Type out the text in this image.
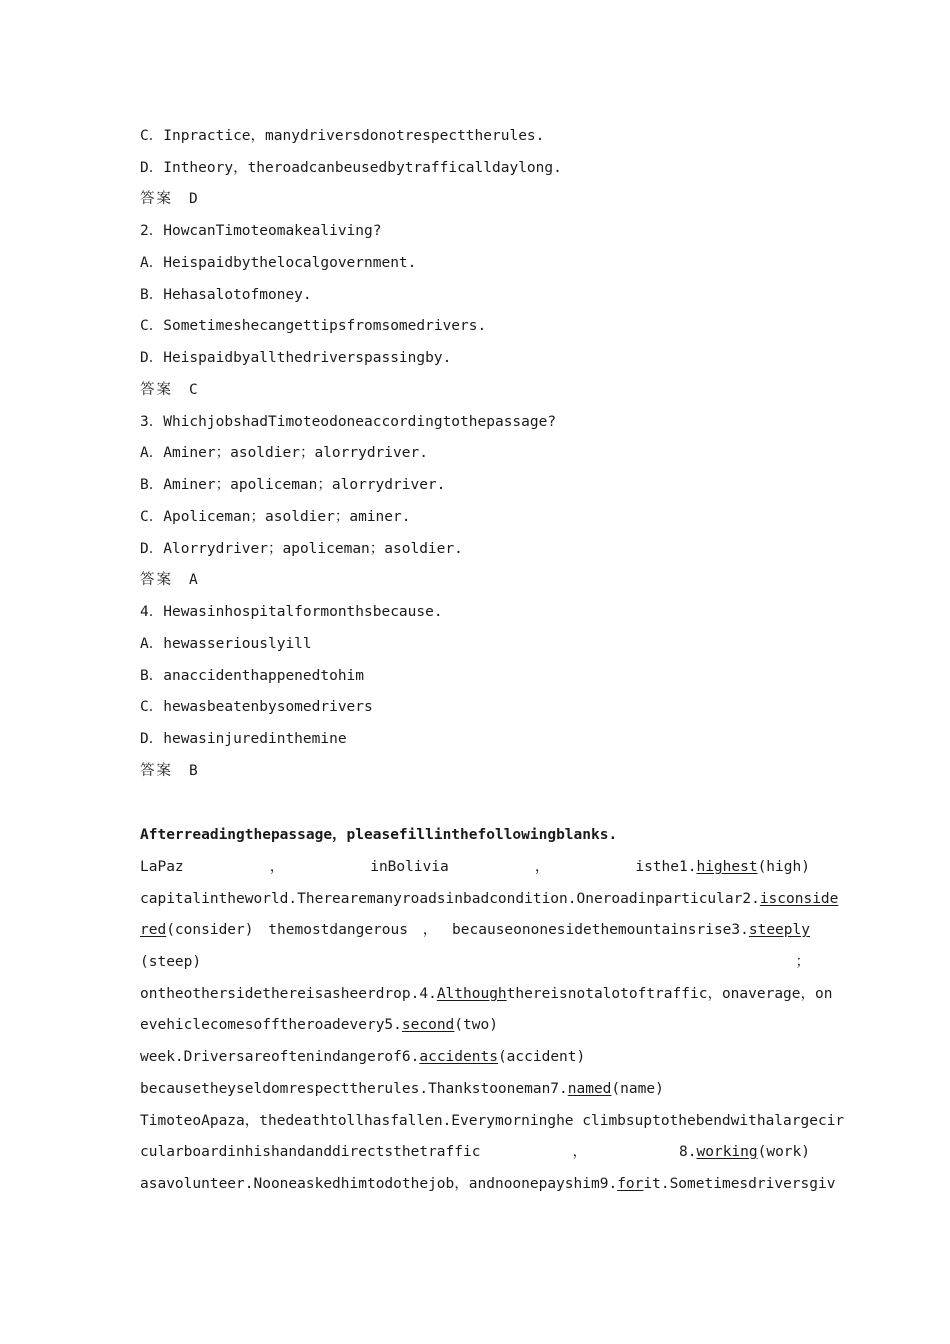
C．Inpractice，manydriversdonotrespecttherules.
D．Intheory，theroadcanbeusedbytrafficalldaylong.
答案 D
2．HowcanTimoteomakealiving?
A．Heispaidbythelocalgovernment.
B．Hehasalotofmoney.
C．Sometimeshecangettipsfromsomedrivers.
D．Heispaidbyallthedriverspassingby.
答案 C
3．WhichjobshadTimoteodoneaccordingtothepassage?
A．Aminer；asoldier；alorrydriver.
B．Aminer；apoliceman；alorrydriver.
C．Apoliceman；asoldier；aminer.
D．Alorrydriver；apoliceman；asoldier.
答案 A
4．Hewasinhospitalformonthsbecause.
A．hewasseriouslyill
B．anaccidenthappenedtohim
C．hewasbeatenbysomedrivers
D．hewasinjuredinthemine
答案 B
Afterreadingthepassage，pleasefillinthefollowingblanks.
LaPaz	，	inBolivia	，	isthe1.highest(high)
capitalintheworld.Therearemanyroadsinbadcondition.Oneroadinparticular2.isconside
red(consider) themostdangerous ， becauseononesidethemountainsrise3.steeply
(steep)	；
ontheothersidethereisasheerdrop.4.Althoughthereisnotalotoftraffic，onaverage，on
evehiclecomesofftheroadevery5.second(two)
week.Driversareoftenindangerof6.accidents(accident)
becausetheyseldomrespecttherules.Thankstooneman7.named(name)
TimoteoApaza，thedeathtollhasfallen.Everymorninghe climbsuptothebendwithalargecir
cularboardinhishandanddirectsthetraffic	，	8.working(work)
asavolunteer.Nooneaskedhimtodothejob，andnoonepayshim9.forit.Sometimesdriversgiv
